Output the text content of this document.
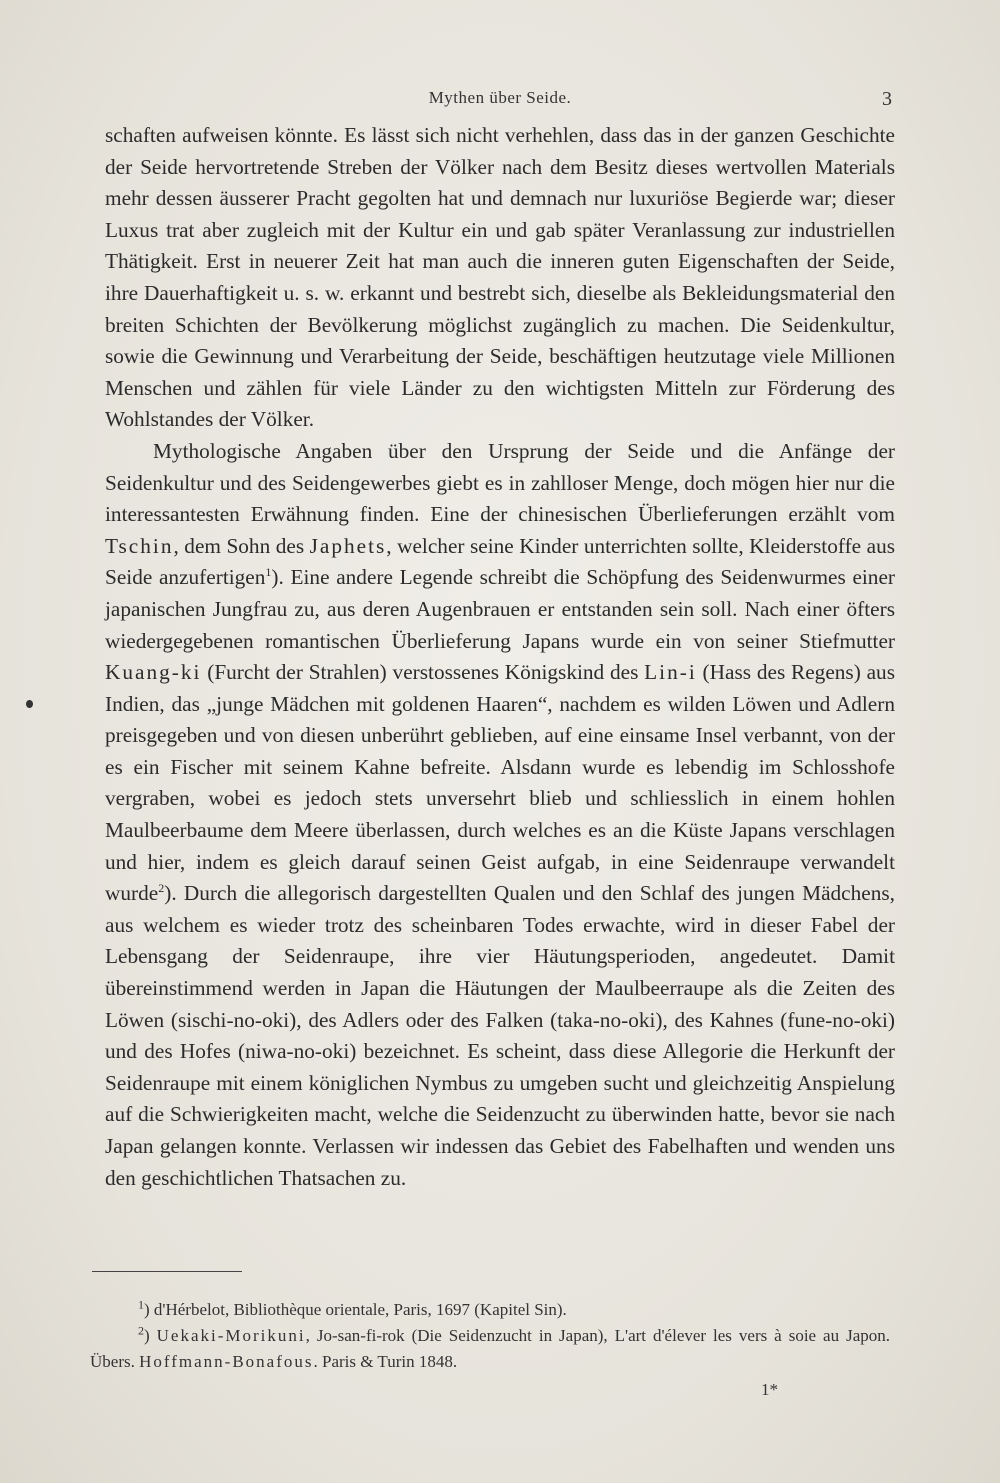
Mythen über Seide.	3

schaften aufweisen könnte. Es lässt sich nicht verhehlen, dass das in der ganzen Geschichte der Seide hervortretende Streben der Völker nach dem Besitz dieses wertvollen Materials mehr dessen äusserer Pracht gegolten hat und demnach nur luxuriöse Begierde war; dieser Luxus trat aber zugleich mit der Kultur ein und gab später Veranlassung zur industriellen Thätigkeit. Erst in neuerer Zeit hat man auch die inneren guten Eigenschaften der Seide, ihre Dauerhaftigkeit u. s. w. erkannt und bestrebt sich, dieselbe als Bekleidungsmaterial den breiten Schichten der Bevölkerung möglichst zugänglich zu machen. Die Seidenkultur, sowie die Gewinnung und Verarbeitung der Seide, beschäftigen heutzutage viele Millionen Menschen und zählen für viele Länder zu den wichtigsten Mitteln zur Förderung des Wohlstandes der Völker.

Mythologische Angaben über den Ursprung der Seide und die Anfänge der Seidenkultur und des Seidengewerbes giebt es in zahlloser Menge, doch mögen hier nur die interessantesten Erwähnung finden. Eine der chinesischen Überlieferungen erzählt vom Tschin, dem Sohn des Japhets, welcher seine Kinder unterrichten sollte, Kleiderstoffe aus Seide anzufertigen$^1$). Eine andere Legende schreibt die Schöpfung des Seidenwurmes einer japanischen Jungfrau zu, aus deren Augenbrauen er entstanden sein soll. Nach einer öfters wiedergegebenen romantischen Überlieferung Japans wurde ein von seiner Stiefmutter Kuang-ki (Furcht der Strahlen) verstossenes Königskind des Lin-i (Hass des Regens) aus Indien, das „junge Mädchen mit goldenen Haaren“, nachdem es wilden Löwen und Adlern preisgegeben und von diesen unberührt geblieben, auf eine einsame Insel verbannt, von der es ein Fischer mit seinem Kahne befreite. Alsdann wurde es lebendig im Schlosshofe vergraben, wobei es jedoch stets unversehrt blieb und schliesslich in einem hohlen Maulbeerbaume dem Meere überlassen, durch welches es an die Küste Japans verschlagen und hier, indem es gleich darauf seinen Geist aufgab, in eine Seidenraupe verwandelt wurde$^2$). Durch die allegorisch dargestellten Qualen und den Schlaf des jungen Mädchens, aus welchem es wieder trotz des scheinbaren Todes erwachte, wird in dieser Fabel der Lebensgang der Seidenraupe, ihre vier Häutungsperioden, angedeutet. Damit übereinstimmend werden in Japan die Häutungen der Maulbeerraupe als die Zeiten des Löwen (sischi-no-oki), des Adlers oder des Falken (taka-no-oki), des Kahnes (fune-no-oki) und des Hofes (niwa-no-oki) bezeichnet. Es scheint, dass diese Allegorie die Herkunft der Seidenraupe mit einem königlichen Nymbus zu umgeben sucht und gleichzeitig Anspielung auf die Schwierigkeiten macht, welche die Seidenzucht zu überwinden hatte, bevor sie nach Japan gelangen konnte. Verlassen wir indessen das Gebiet des Fabelhaften und wenden uns den geschichtlichen Thatsachen zu.

$^1$) d'Hérbelot, Bibliothèque orientale, Paris, 1697 (Kapitel Sin).

$^2$) Uekaki-Morikuni, Jo-san-fi-rok (Die Seidenzucht in Japan), L'art d'élever les vers à soie au Japon. Übers. Hoffmann-Bonafous. Paris & Turin 1848.

1*
